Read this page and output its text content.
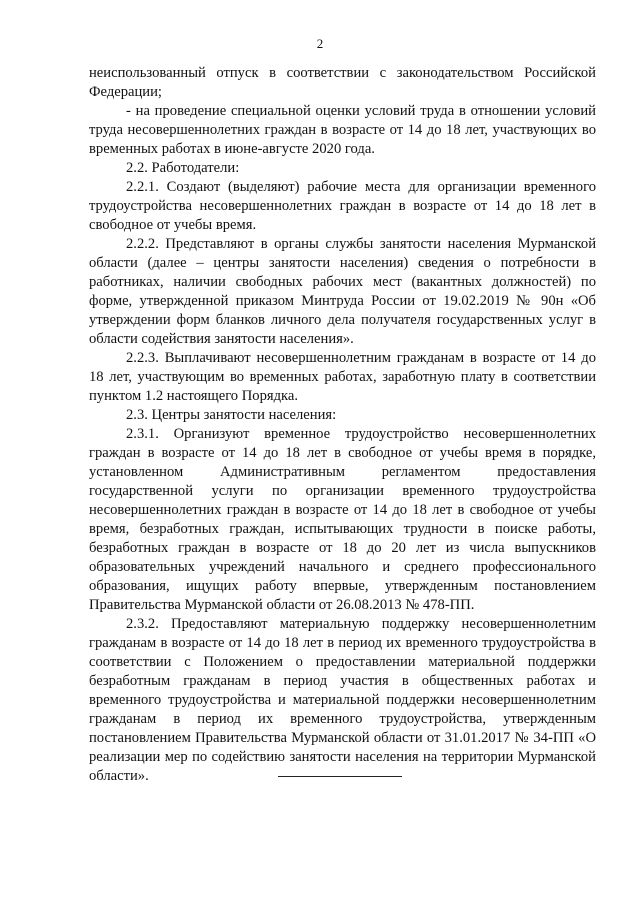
2

неиспользованный отпуск в соответствии с законодательством Российской Федерации;

- на проведение специальной оценки условий труда в отношении условий труда несовершеннолетних граждан в возрасте от 14 до 18 лет, участвующих во временных работах в июне-августе 2020 года.

2.2. Работодатели:

2.2.1. Создают (выделяют) рабочие места для организации временного трудоустройства несовершеннолетних граждан в возрасте от 14 до 18 лет в свободное от учебы время.

2.2.2. Представляют в органы службы занятости населения Мурманской области (далее – центры занятости населения) сведения о потребности в работниках, наличии свободных рабочих мест (вакантных должностей) по форме, утвержденной приказом Минтруда России от 19.02.2019 № 90н «Об утверждении форм бланков личного дела получателя государственных услуг в области содействия занятости населения».

2.2.3. Выплачивают несовершеннолетним гражданам в возрасте от 14 до 18 лет, участвующим во временных работах, заработную плату в соответствии пунктом 1.2 настоящего Порядка.

2.3. Центры занятости населения:

2.3.1. Организуют временное трудоустройство несовершеннолетних граждан в возрасте от 14 до 18 лет в свободное от учебы время в порядке, установленном Административным регламентом предоставления государственной услуги по организации временного трудоустройства несовершеннолетних граждан в возрасте от 14 до 18 лет в свободное от учебы время, безработных граждан, испытывающих трудности в поиске работы, безработных граждан в возрасте от 18 до 20 лет из числа выпускников образовательных учреждений начального и среднего профессионального образования, ищущих работу впервые, утвержденным постановлением Правительства Мурманской области от 26.08.2013 № 478-ПП.

2.3.2. Предоставляют материальную поддержку несовершеннолетним гражданам в возрасте от 14 до 18 лет в период их временного трудоустройства в соответствии с Положением о предоставлении материальной поддержки безработным гражданам в период участия в общественных работах и временного трудоустройства и материальной поддержки несовершеннолетним гражданам в период их временного трудоустройства, утвержденным постановлением Правительства Мурманской области от 31.01.2017 № 34-ПП «О реализации мер по содействию занятости населения на территории Мурманской области».
